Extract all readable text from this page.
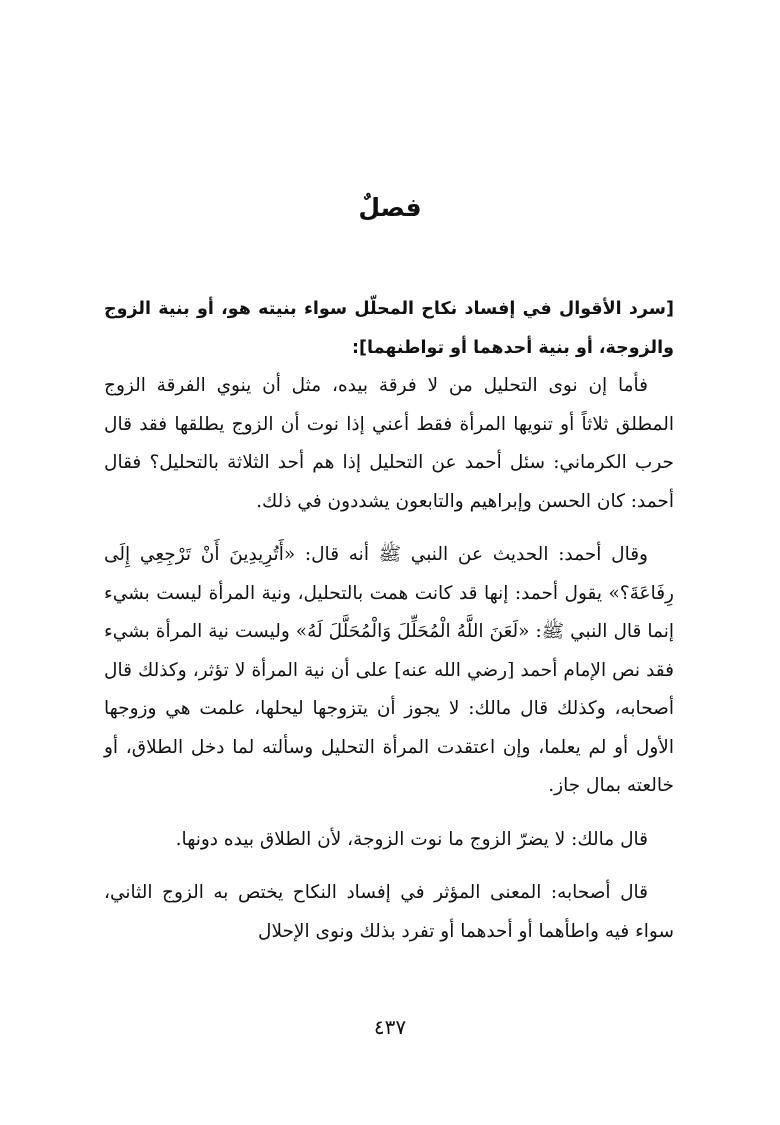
فصلٌ
[سرد الأقوال في إفساد نكاح المحلّل سواء بنيته هو، أو بنية الزوج والزوجة، أو بنية أحدهما أو تواطنهما]:

فأما إن نوى التحليل من لا فرقة بيده، مثل أن ينوي الفرقة الزوج المطلق ثلاثاً أو تنويها المرأة فقط أعني إذا نوت أن الزوج يطلقها فقد قال حرب الكرماني: سئل أحمد عن التحليل إذا هم أحد الثلاثة بالتحليل؟ فقال أحمد: كان الحسن وإبراهيم والتابعون يشددون في ذلك.

وقال أحمد: الحديث عن النبي ﷺ أنه قال: «أَتُرِيدِينَ أَنْ تَرْجِعِي إِلَى رِفَاعَةَ؟» يقول أحمد: إنها قد كانت همت بالتحليل، ونية المرأة ليست بشيء إنما قال النبي ﷺ: «لَعَنَ اللَّهُ الْمُحَلِّلَ وَالْمُحَلَّلَ لَهُ» وليست نية المرأة بشيء فقد نص الإمام أحمد [رضي الله عنه] على أن نية المرأة لا تؤثر، وكذلك قال أصحابه، وكذلك قال مالك: لا يجوز أن يتزوجها ليحلها، علمت هي وزوجها الأول أو لم يعلما، وإن اعتقدت المرأة التحليل وسألته لما دخل الطلاق، أو خالعته بمال جاز.

قال مالك: لا يضرّ الزوج ما نوت الزوجة، لأن الطلاق بيده دونها.

قال أصحابه: المعنى المؤثر في إفساد النكاح يختص به الزوج الثاني، سواء فيه واطأهما أو أحدهما أو تفرد بذلك ونوى الإحلال

٤٣٧
